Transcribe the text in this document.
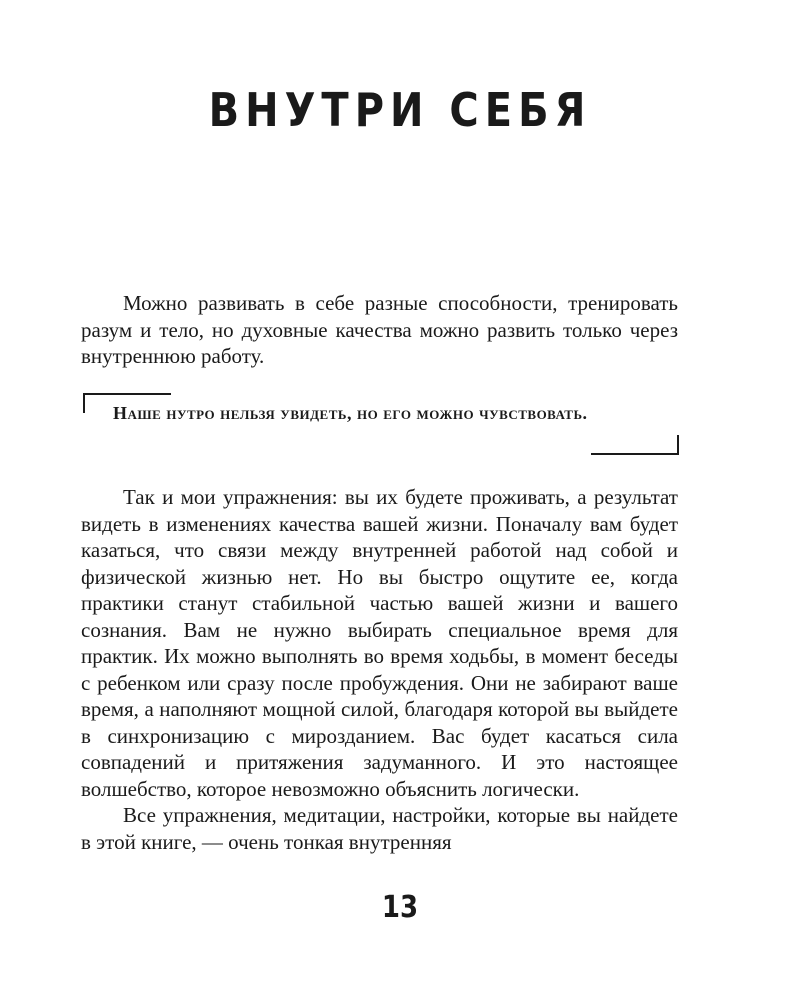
ВНУТРИ СЕБЯ

Можно развивать в себе разные способности, тренировать разум и тело, но духовные качества можно развить только через внутреннюю работу.

Наше нутро нельзя увидеть, но его можно чувствовать.

Так и мои упражнения: вы их будете проживать, а результат видеть в изменениях качества вашей жизни. Поначалу вам будет казаться, что связи между внутренней работой над собой и физической жизнью нет. Но вы быстро ощутите ее, когда практики станут стабильной частью вашей жизни и вашего сознания. Вам не нужно выбирать специальное время для практик. Их можно выполнять во время ходьбы, в момент беседы с ребенком или сразу после пробуждения. Они не забирают ваше время, а наполняют мощной силой, благодаря которой вы выйдете в синхронизацию с мирозданием. Вас будет касаться сила совпадений и притяжения задуманного. И это настоящее волшебство, которое невозможно объяснить логически.

Все упражнения, медитации, настройки, которые вы найдете в этой книге, — очень тонкая внутренняя

13
